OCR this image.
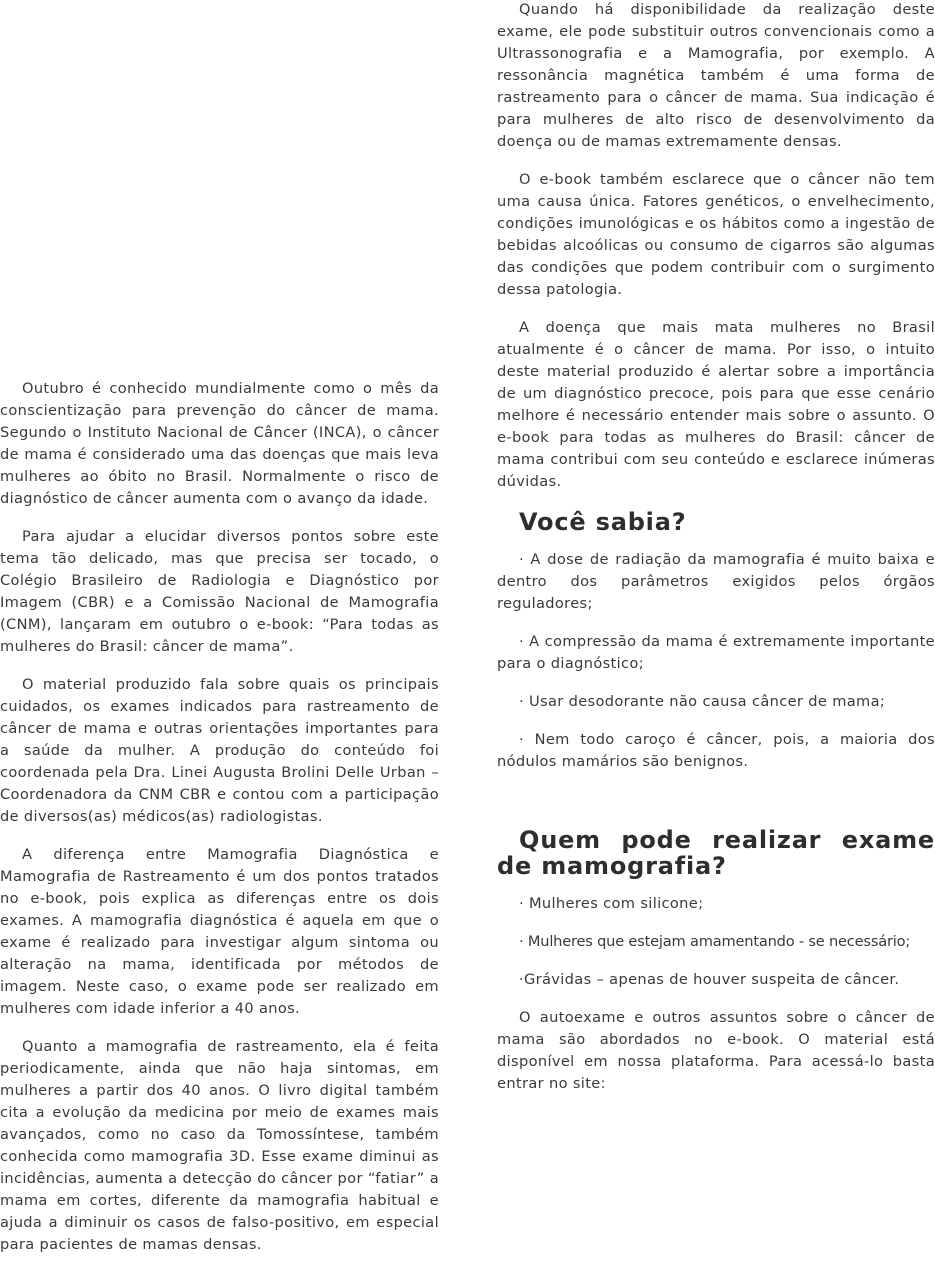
Outubro é conhecido mundialmente como o mês da conscientização para prevenção do câncer de mama. Segundo o Instituto Nacional de Câncer (INCA), o câncer de mama é considerado uma das doenças que mais leva mulheres ao óbito no Brasil. Normalmente o risco de diagnóstico de câncer aumenta com o avanço da idade.

Para ajudar a elucidar diversos pontos sobre este tema tão delicado, mas que precisa ser tocado, o Colégio Brasileiro de Radiologia e Diagnóstico por Imagem (CBR) e a Comissão Nacional de Mamografia (CNM), lançaram em outubro o e-book: “Para todas as mulheres do Brasil: câncer de mama”.

O material produzido fala sobre quais os principais cuidados, os exames indicados para rastreamento de câncer de mama e outras orientações importantes para a saúde da mulher. A produção do conteúdo foi coordenada pela Dra. Linei Augusta Brolini Delle Urban – Coordenadora da CNM CBR e contou com a participação de diversos(as) médicos(as) radiologistas.

A diferença entre Mamografia Diagnóstica e Mamografia de Rastreamento é um dos pontos tratados no e-book, pois explica as diferenças entre os dois exames. A mamografia diagnóstica é aquela em que o exame é realizado para investigar algum sintoma ou alteração na mama, identificada por métodos de imagem. Neste caso, o exame pode ser realizado em mulheres com idade inferior a 40 anos.

Quanto a mamografia de rastreamento, ela é feita periodicamente, ainda que não haja sintomas, em mulheres a partir dos 40 anos. O livro digital também cita a evolução da medicina por meio de exames mais avançados, como no caso da Tomossíntese, também conhecida como mamografia 3D. Esse exame diminui as incidências, aumenta a detecção do câncer por “fatiar” a mama em cortes, diferente da mamografia habitual e ajuda a diminuir os casos de falso-positivo, em especial para pacientes de mamas densas.

Quando há disponibilidade da realização deste exame, ele pode substituir outros convencionais como a Ultrassonografia e a Mamografia, por exemplo. A ressonância magnética também é uma forma de rastreamento para o câncer de mama. Sua indicação é para mulheres de alto risco de desenvolvimento da doença ou de mamas extremamente densas.

O e-book também esclarece que o câncer não tem uma causa única. Fatores genéticos, o envelhecimento, condições imunológicas e os hábitos como a ingestão de bebidas alcoólicas ou consumo de cigarros são algumas das condições que podem contribuir com o surgimento dessa patologia.

A doença que mais mata mulheres no Brasil atualmente é o câncer de mama. Por isso, o intuito deste material produzido é alertar sobre a importância de um diagnóstico precoce, pois para que esse cenário melhore é necessário entender mais sobre o assunto. O e-book para todas as mulheres do Brasil: câncer de mama contribui com seu conteúdo e esclarece inúmeras dúvidas.

Você sabia?

· A dose de radiação da mamografia é muito baixa e dentro dos parâmetros exigidos pelos órgãos reguladores;

· A compressão da mama é extremamente importante para o diagnóstico;

· Usar desodorante não causa câncer de mama;

· Nem todo caroço é câncer, pois, a maioria dos nódulos mamários são benignos.

Quem pode realizar exame de mamografia?

· Mulheres com silicone;

· Mulheres que estejam amamentando - se necessário;

·Grávidas – apenas de houver suspeita de câncer.

O autoexame e outros assuntos sobre o câncer de mama são abordados no e-book. O material está disponível em nossa plataforma. Para acessá-lo basta entrar no site:
